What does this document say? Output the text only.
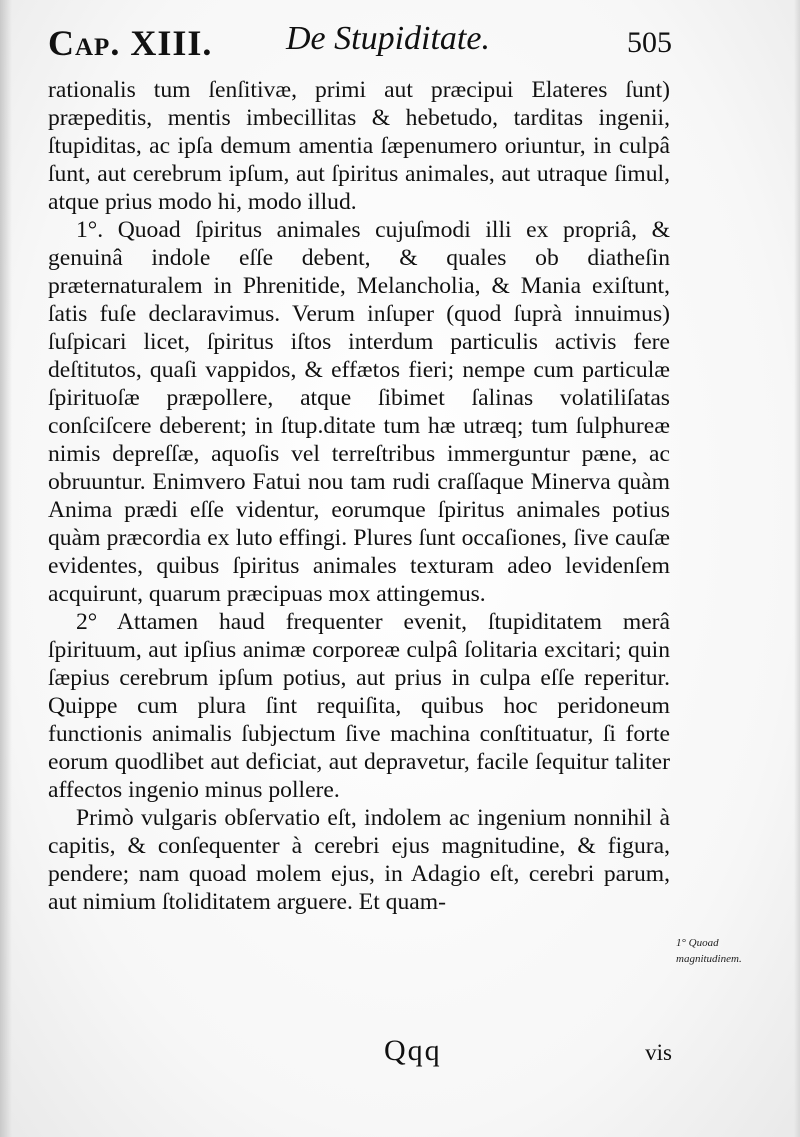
Cap. XIII. De Stupiditate.	505

rationalis tum ſenſitivæ, primi aut præcipui Elateres ſunt) præpeditis, mentis imbecillitas & hebetudo, tarditas ingenii, ſtupiditas, ac ipſa demum amentia ſæpenumero oriuntur, in culpâ ſunt, aut cerebrum ipſum, aut ſpiritus animales, aut utraque ſimul, atque prius modo hi, modo illud.

1°. Quoad ſpiritus animales cujuſmodi illi ex propriâ, & genuinâ indole eſſe debent, & quales ob diatheſin præternaturalem in Phrenitide, Melancholia, & Mania exiſtunt, ſatis fuſe declaravimus. Verum inſuper (quod ſuprà innuimus) ſuſpicari licet, ſpiritus iſtos interdum particulis activis fere deſtitutos, quaſi vappidos, & effætos fieri; nempe cum particulæ ſpirituoſæ præpollere, atque ſibimet ſalinas volatiliſatas conſciſcere deberent; in ſtup.ditate tum hæ utræq; tum ſulphureæ nimis depreſſæ, aquoſis vel terreſtribus immerguntur pæne, ac obruuntur. Enimvero Fatui nou tam rudi craſſaque Minerva quàm Anima prædi eſſe videntur, eorumque ſpiritus animales potius quàm præcordia ex luto effingi. Plures ſunt occaſiones, ſive cauſæ evidentes, quibus ſpiritus animales texturam adeo levidenſem acquirunt, quarum præcipuas mox attingemus.

2° Attamen haud frequenter evenit, ſtupiditatem merâ ſpirituum, aut ipſius animæ corporeæ culpâ ſolitaria excitari; quin ſæpius cerebrum ipſum potius, aut prius in culpa eſſe reperitur. Quippe cum plura ſint requiſita, quibus hoc peridoneum functionis animalis ſubjectum ſive machina conſtituatur, ſi forte eorum quodlibet aut deficiat, aut depravetur, facile ſequitur taliter affectos ingenio minus pollere.

Primò vulgaris obſervatio eſt, indolem ac ingenium nonnihil à capitis, & conſequenter à cerebri ejus magnitudine, & figura, pendere; nam quoad molem ejus, in Adagio eſt, cerebri parum, aut nimium ſtoliditatem arguere. Et quam-

1° Quoad magnitudinem.
Qqq	vis
